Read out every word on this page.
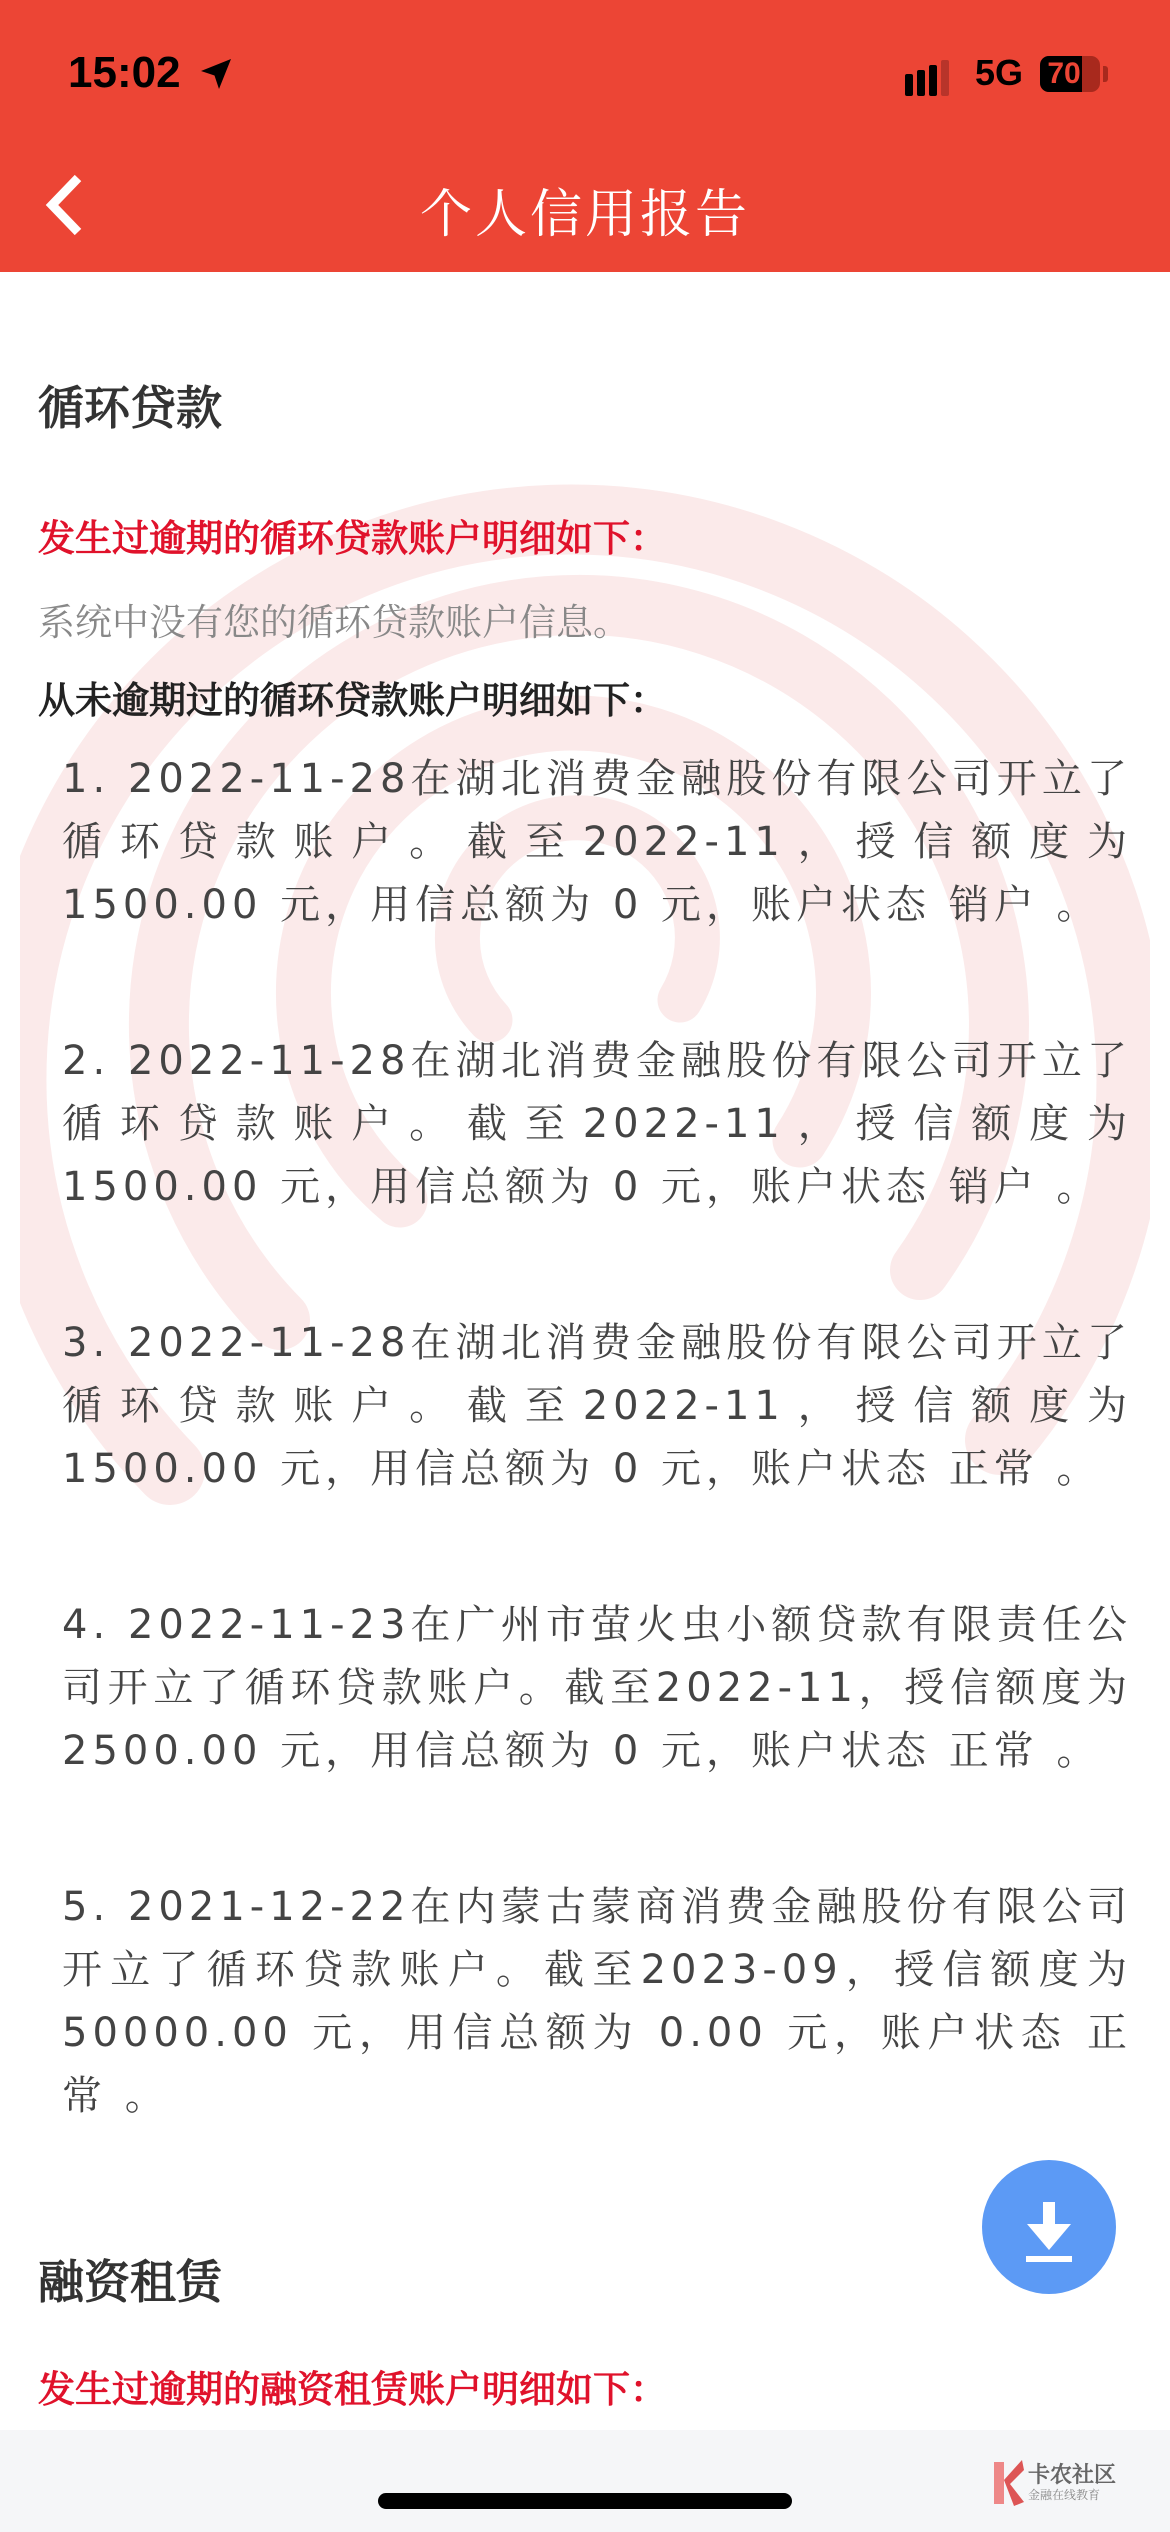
15:02	5G 70
个人信用报告
循环贷款
发生过逾期的循环贷款账户明细如下：
系统中没有您的循环贷款账户信息。
从未逾期过的循环贷款账户明细如下：
1. 2022-11-28在湖北消费金融股份有限公司开立了循环贷款账户。截至2022-11，授信额度为 1500.00 元，用信总额为 0 元，账户状态 销户 。
2. 2022-11-28在湖北消费金融股份有限公司开立了循环贷款账户。截至2022-11，授信额度为 1500.00 元，用信总额为 0 元，账户状态 销户 。
3. 2022-11-28在湖北消费金融股份有限公司开立了循环贷款账户。截至2022-11，授信额度为 1500.00 元，用信总额为 0 元，账户状态 正常 。
4. 2022-11-23在广州市萤火虫小额贷款有限责任公司开立了循环贷款账户。截至2022-11，授信额度为 2500.00 元，用信总额为 0 元，账户状态 正常 。
5. 2021-12-22在内蒙古蒙商消费金融股份有限公司开立了循环贷款账户。截至2023-09，授信额度为 50000.00 元，用信总额为 0.00 元，账户状态 正常 。
融资租赁
发生过逾期的融资租赁账户明细如下：
卡农社区
金融在线教育
